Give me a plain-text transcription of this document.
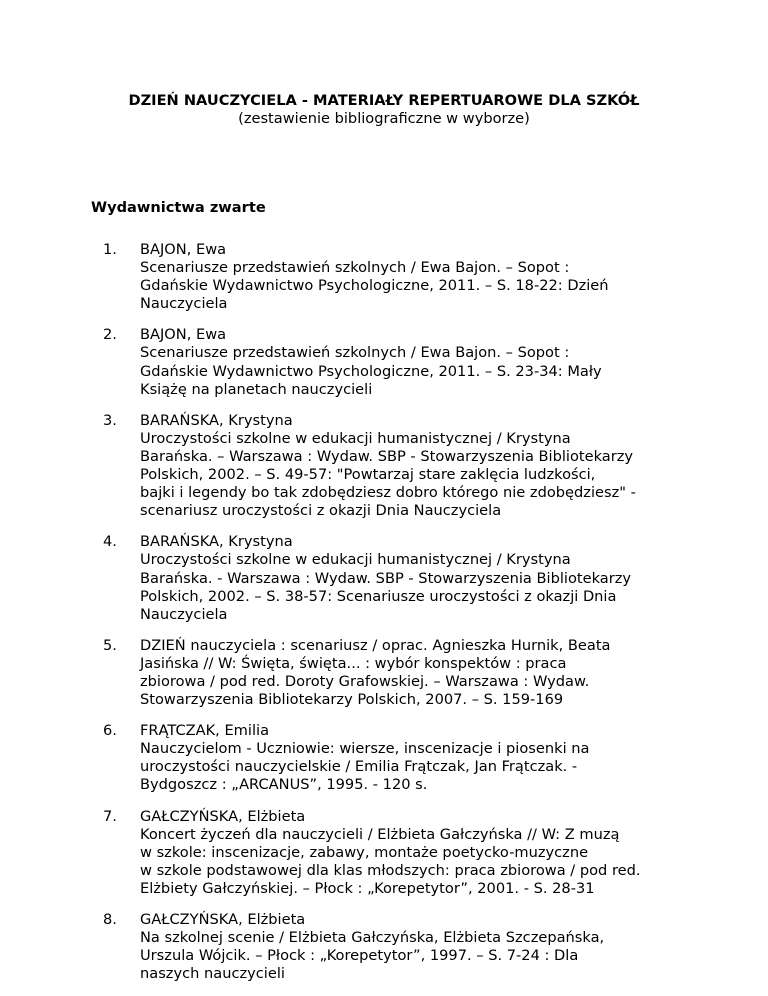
DZIEŃ NAUCZYCIELA - MATERIAŁY REPERTUAROWE DLA SZKÓŁ
(zestawienie bibliograficzne w wyborze)
Wydawnictwa zwarte
1. BAJON, Ewa
Scenariusze przedstawień szkolnych / Ewa Bajon. – Sopot :
Gdańskie Wydawnictwo Psychologiczne, 2011. – S. 18-22: Dzień
Nauczyciela
2. BAJON, Ewa
Scenariusze przedstawień szkolnych / Ewa Bajon. – Sopot :
Gdańskie Wydawnictwo Psychologiczne, 2011. – S. 23-34: Mały
Książę na planetach nauczycieli
3. BARAŃSKA, Krystyna
Uroczystości szkolne w edukacji humanistycznej / Krystyna
Barańska. – Warszawa : Wydaw. SBP - Stowarzyszenia Bibliotekarzy
Polskich, 2002. – S. 49-57: "Powtarzaj stare zaklęcia ludzkości,
bajki i legendy bo tak zdobędziesz dobro którego nie zdobędziesz" -
scenariusz uroczystości z okazji Dnia Nauczyciela
4. BARAŃSKA, Krystyna
Uroczystości szkolne w edukacji humanistycznej / Krystyna
Barańska. - Warszawa : Wydaw. SBP - Stowarzyszenia Bibliotekarzy
Polskich, 2002. – S. 38-57: Scenariusze uroczystości z okazji Dnia
Nauczyciela
5. DZIEŃ nauczyciela : scenariusz / oprac. Agnieszka Hurnik, Beata
Jasińska // W: Święta, święta... : wybór konspektów : praca
zbiorowa / pod red. Doroty Grafowskiej. – Warszawa : Wydaw.
Stowarzyszenia Bibliotekarzy Polskich, 2007. – S. 159-169
6. FRĄTCZAK, Emilia
Nauczycielom - Uczniowie: wiersze, inscenizacje i piosenki na
uroczystości nauczycielskie / Emilia Frątczak, Jan Frątczak. -
Bydgoszcz : „ARCANUS”, 1995. - 120 s.
7. GAŁCZYŃSKA, Elżbieta
Koncert życzeń dla nauczycieli / Elżbieta Gałczyńska // W: Z muzą
w szkole: inscenizacje, zabawy, montaże poetycko-muzyczne
w szkole podstawowej dla klas młodszych: praca zbiorowa / pod red.
Elżbiety Gałczyńskiej. – Płock : „Korepetytor”, 2001. - S. 28-31
8. GAŁCZYŃSKA, Elżbieta
Na szkolnej scenie / Elżbieta Gałczyńska, Elżbieta Szczepańska,
Urszula Wójcik. – Płock : „Korepetytor”, 1997. – S. 7-24 : Dla
naszych nauczycieli
